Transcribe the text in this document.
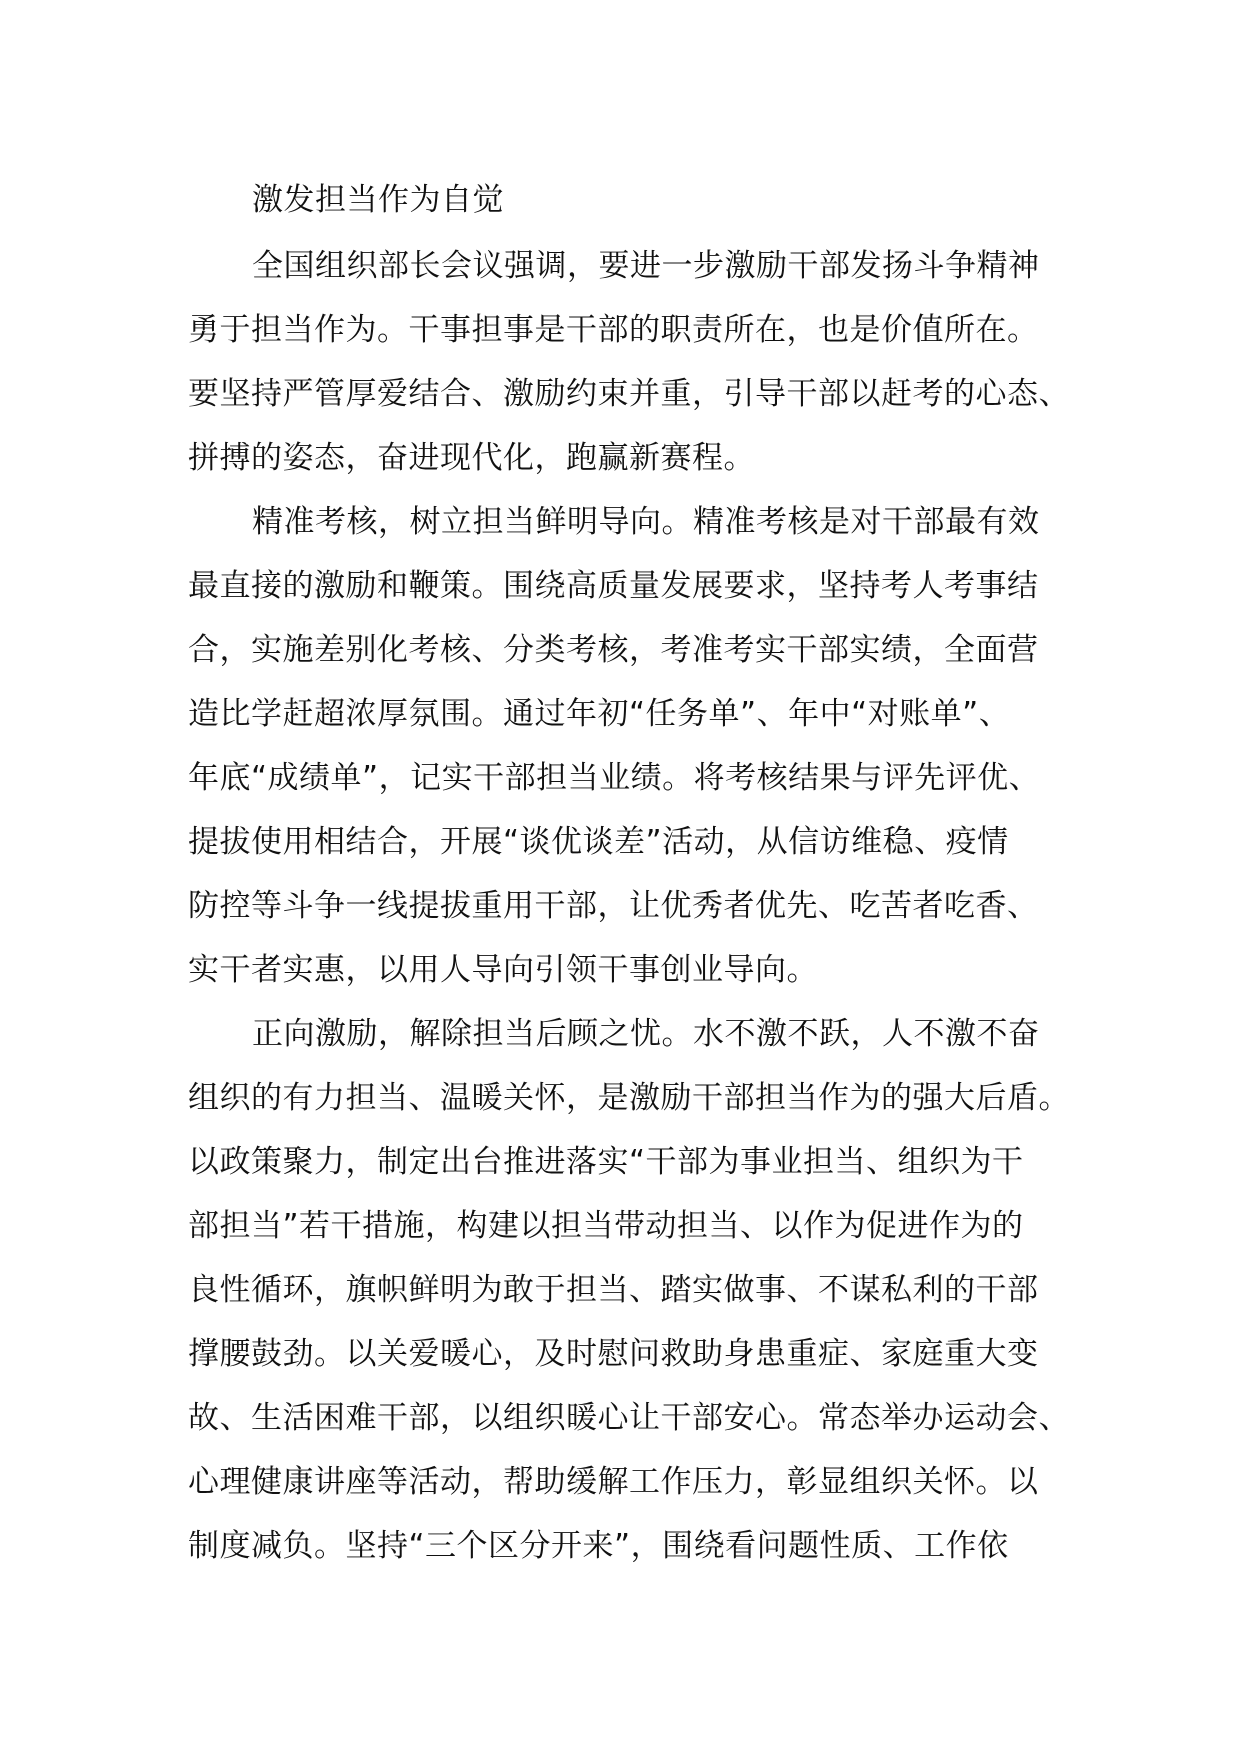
激发担当作为自觉
全国组织部长会议强调，要进一步激励干部发扬斗争精神
勇于担当作为。干事担事是干部的职责所在，也是价值所在。
要坚持严管厚爱结合、激励约束并重，引导干部以赶考的心态、
拼搏的姿态，奋进现代化，跑赢新赛程。
精准考核，树立担当鲜明导向。精准考核是对干部最有效
最直接的激励和鞭策。围绕高质量发展要求，坚持考人考事结
合，实施差别化考核、分类考核，考准考实干部实绩，全面营
造比学赶超浓厚氛围。通过年初“任务单”、年中“对账单”、
年底“成绩单”，记实干部担当业绩。将考核结果与评先评优、
提拔使用相结合，开展“谈优谈差”活动，从信访维稳、疫情
防控等斗争一线提拔重用干部，让优秀者优先、吃苦者吃香、
实干者实惠，以用人导向引领干事创业导向。
正向激励，解除担当后顾之忧。水不激不跃，人不激不奋
组织的有力担当、温暖关怀，是激励干部担当作为的强大后盾。
以政策聚力，制定出台推进落实“干部为事业担当、组织为干
部担当”若干措施，构建以担当带动担当、以作为促进作为的
良性循环，旗帜鲜明为敢于担当、踏实做事、不谋私利的干部
撑腰鼓劲。以关爱暖心，及时慰问救助身患重症、家庭重大变
故、生活困难干部，以组织暖心让干部安心。常态举办运动会、
心理健康讲座等活动，帮助缓解工作压力，彰显组织关怀。以
制度减负。坚持“三个区分开来”，围绕看问题性质、工作依
